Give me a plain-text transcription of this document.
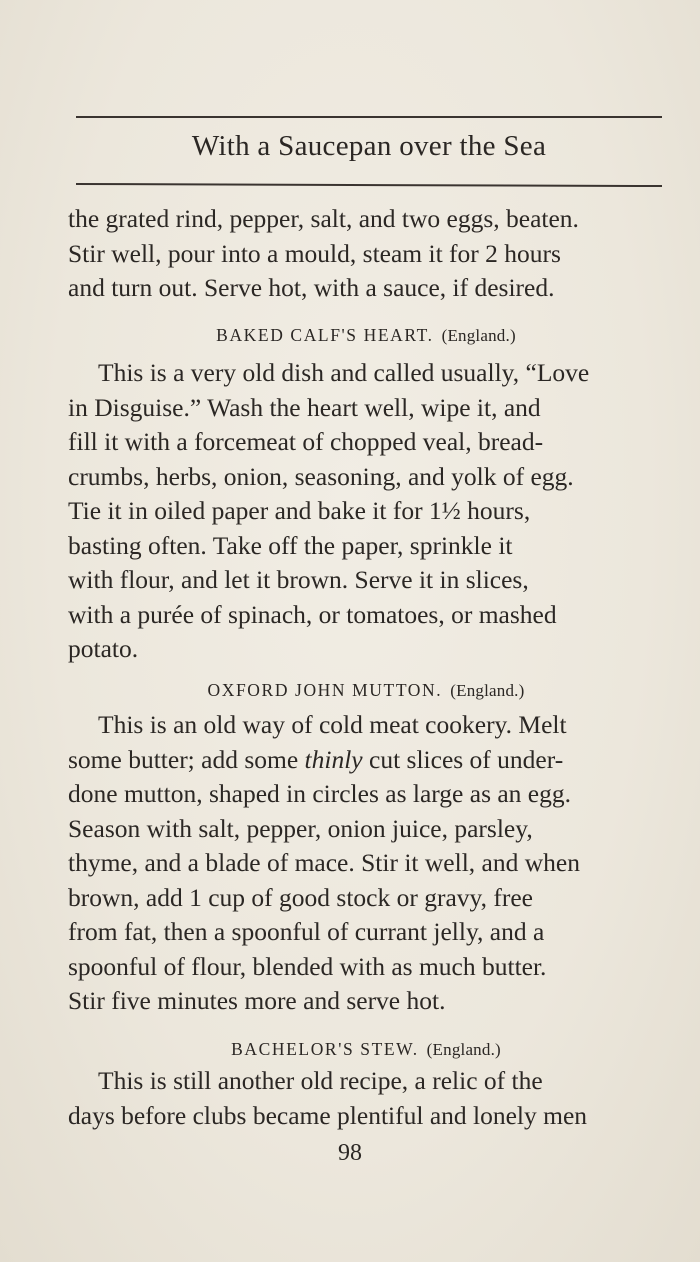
With a Saucepan over the Sea
the grated rind, pepper, salt, and two eggs, beaten.
Stir well, pour into a mould, steam it for 2 hours
and turn out. Serve hot, with a sauce, if desired.
BAKED CALF'S HEART. (England.)
This is a very old dish and called usually, “Love
in Disguise.” Wash the heart well, wipe it, and
fill it with a forcemeat of chopped veal, bread-
crumbs, herbs, onion, seasoning, and yolk of egg.
Tie it in oiled paper and bake it for 1½ hours,
basting often. Take off the paper, sprinkle it
with flour, and let it brown. Serve it in slices,
with a purée of spinach, or tomatoes, or mashed
potato.
OXFORD JOHN MUTTON. (England.)
This is an old way of cold meat cookery. Melt
some butter; add some thinly cut slices of under-
done mutton, shaped in circles as large as an egg.
Season with salt, pepper, onion juice, parsley,
thyme, and a blade of mace. Stir it well, and when
brown, add 1 cup of good stock or gravy, free
from fat, then a spoonful of currant jelly, and a
spoonful of flour, blended with as much butter.
Stir five minutes more and serve hot.
BACHELOR'S STEW. (England.)
This is still another old recipe, a relic of the
days before clubs became plentiful and lonely men
98
